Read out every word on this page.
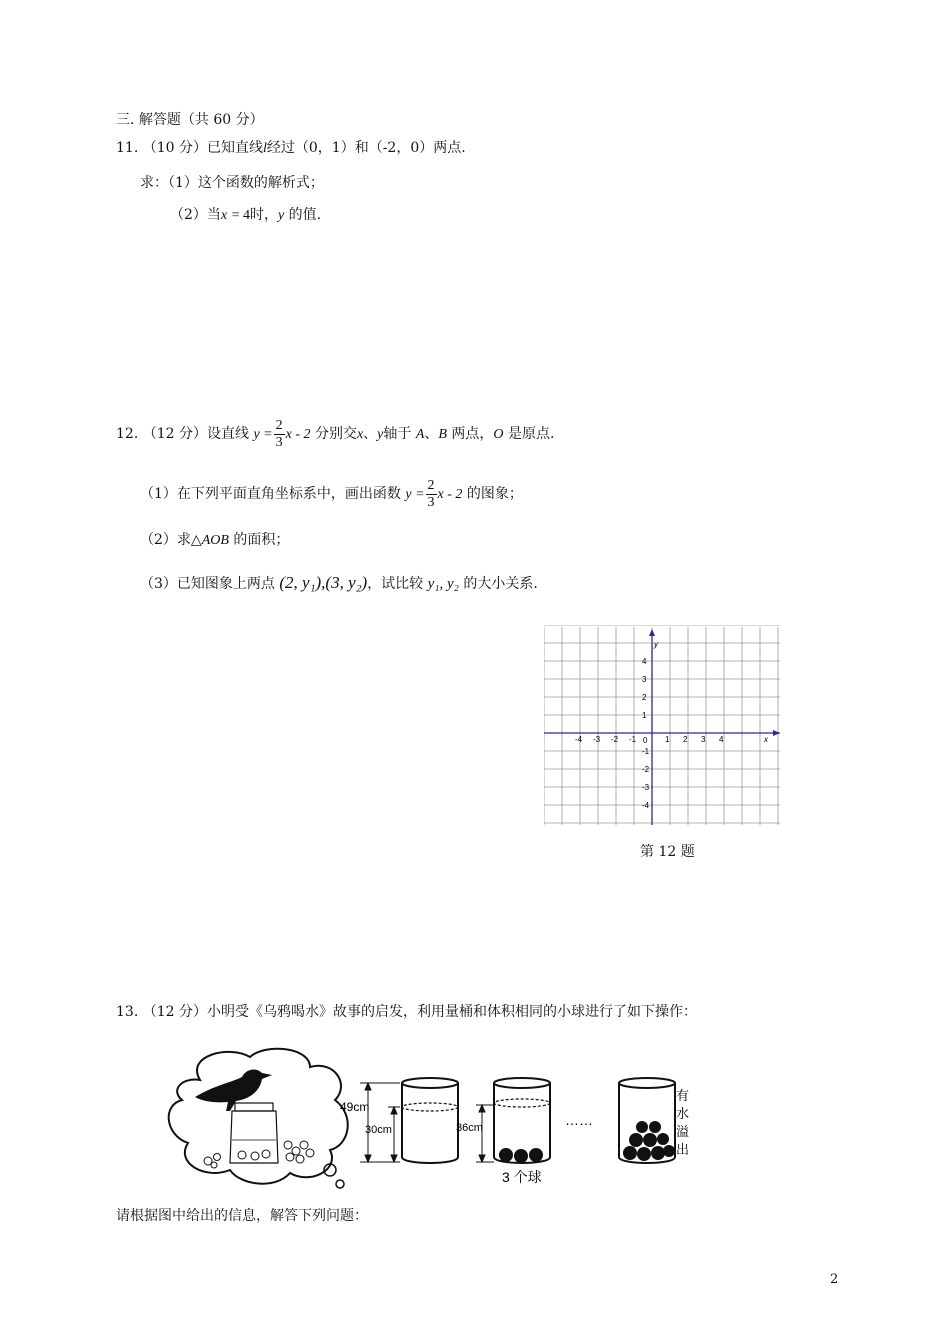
三. 解答题（共 60 分）
11. （10 分）已知直线l经过（0，1）和（-2，0）两点.
求：（1）这个函数的解析式；
（2）当x = 4时，y 的值.
12. （12 分）设直线 $y = \frac{2}{3}$ x - 2 分别交x、y轴于 A、B 两点，O 是原点.
（1）在下列平面直角坐标系中，画出函数 $y = \frac{2}{3}$ x - 2 的图象；
（2）求△AOB 的面积；
（3）已知图象上两点 (2, y₁),(3, y₂)，试比较 y₁, y₂ 的大小关系.
x
y
0
-4 -3 -2 -1	1 2 3 4
4
3
2
1
-1
-2
-3
-4
第 12 题
13. （12 分）小明受《乌鸦喝水》故事的启发，利用量桶和体积相同的小球进行了如下操作：
49cm
30cm	36cm
3 个球
……
有
水
溢
出
请根据图中给出的信息，解答下列问题：
2
